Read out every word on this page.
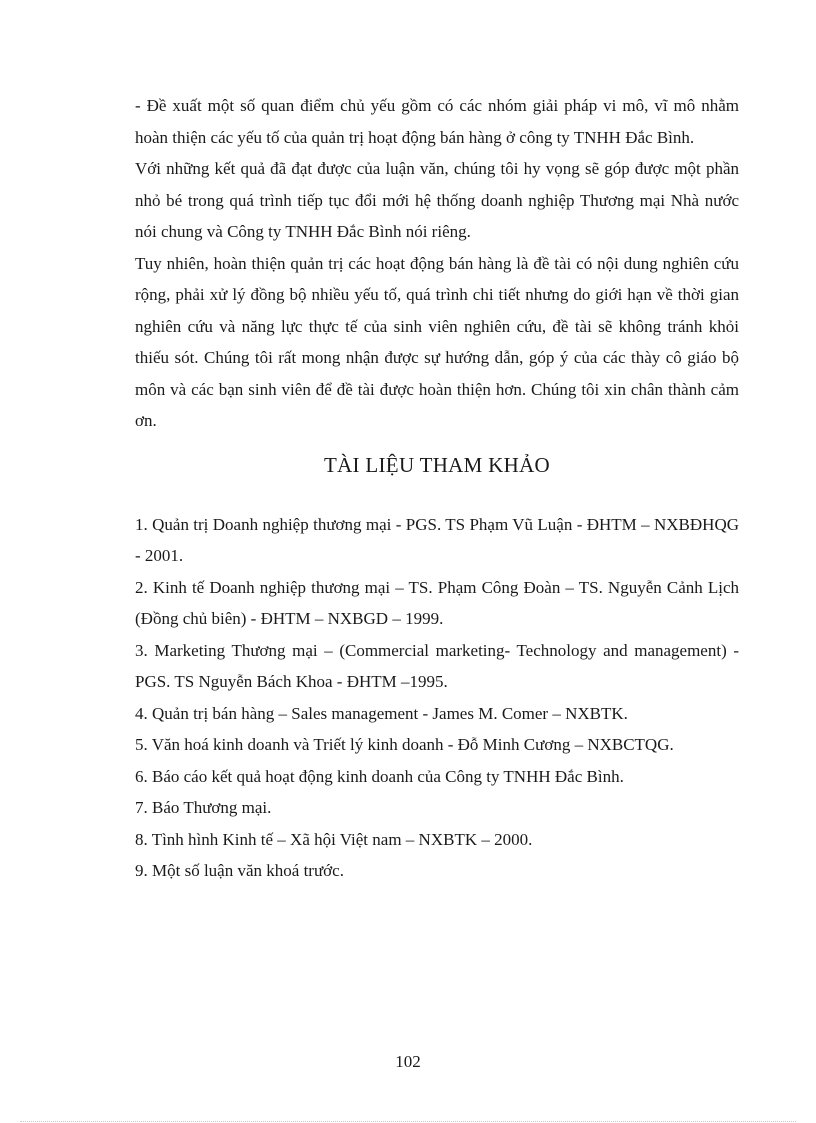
- Đề xuất một số quan điểm chủ yếu gồm có các nhóm giải pháp vi mô, vĩ mô nhằm hoàn thiện các yếu tố của quản trị hoạt động bán hàng ở công ty TNHH Đắc Bình.

Với những kết quả đã đạt được của luận văn, chúng tôi hy vọng sẽ góp được một phần nhỏ bé trong quá trình tiếp tục đổi mới hệ thống doanh nghiệp Thương mại Nhà nước nói chung và Công ty TNHH Đắc Bình nói riêng.

Tuy nhiên, hoàn thiện quản trị các hoạt động bán hàng là đề tài có nội dung nghiên cứu rộng, phải xử lý đồng bộ nhiều yếu tố, quá trình chi tiết nhưng do giới hạn về thời gian nghiên cứu và năng lực thực tế của sinh viên nghiên cứu, đề tài sẽ không tránh khỏi thiếu sót. Chúng tôi rất mong nhận được sự hướng dẫn, góp ý của các thày cô giáo bộ môn và các bạn sinh viên để đề tài được hoàn thiện hơn. Chúng tôi xin chân thành cảm ơn.

TÀI LIỆU THAM KHẢO

1. Quản trị Doanh nghiệp thương mại - PGS. TS Phạm Vũ Luận - ĐHTM – NXBĐHQG - 2001.

2. Kinh tế Doanh nghiệp thương mại – TS. Phạm Công Đoàn – TS. Nguyễn Cảnh Lịch (Đồng chủ biên) - ĐHTM – NXBGD – 1999.

3. Marketing Thương mại – (Commercial marketing- Technology and management) - PGS. TS Nguyễn Bách Khoa - ĐHTM –1995.

4. Quản trị bán hàng – Sales management - James M. Comer – NXBTK.

5. Văn hoá kinh doanh và Triết lý kinh doanh - Đỗ Minh Cương – NXBCTQG.

6. Báo cáo kết quả hoạt động kinh doanh của Công ty TNHH Đắc Bình.

7. Báo Thương mại.

8. Tình hình Kinh tế – Xã hội Việt nam – NXBTK – 2000.

9. Một số luận văn khoá trước.

102
